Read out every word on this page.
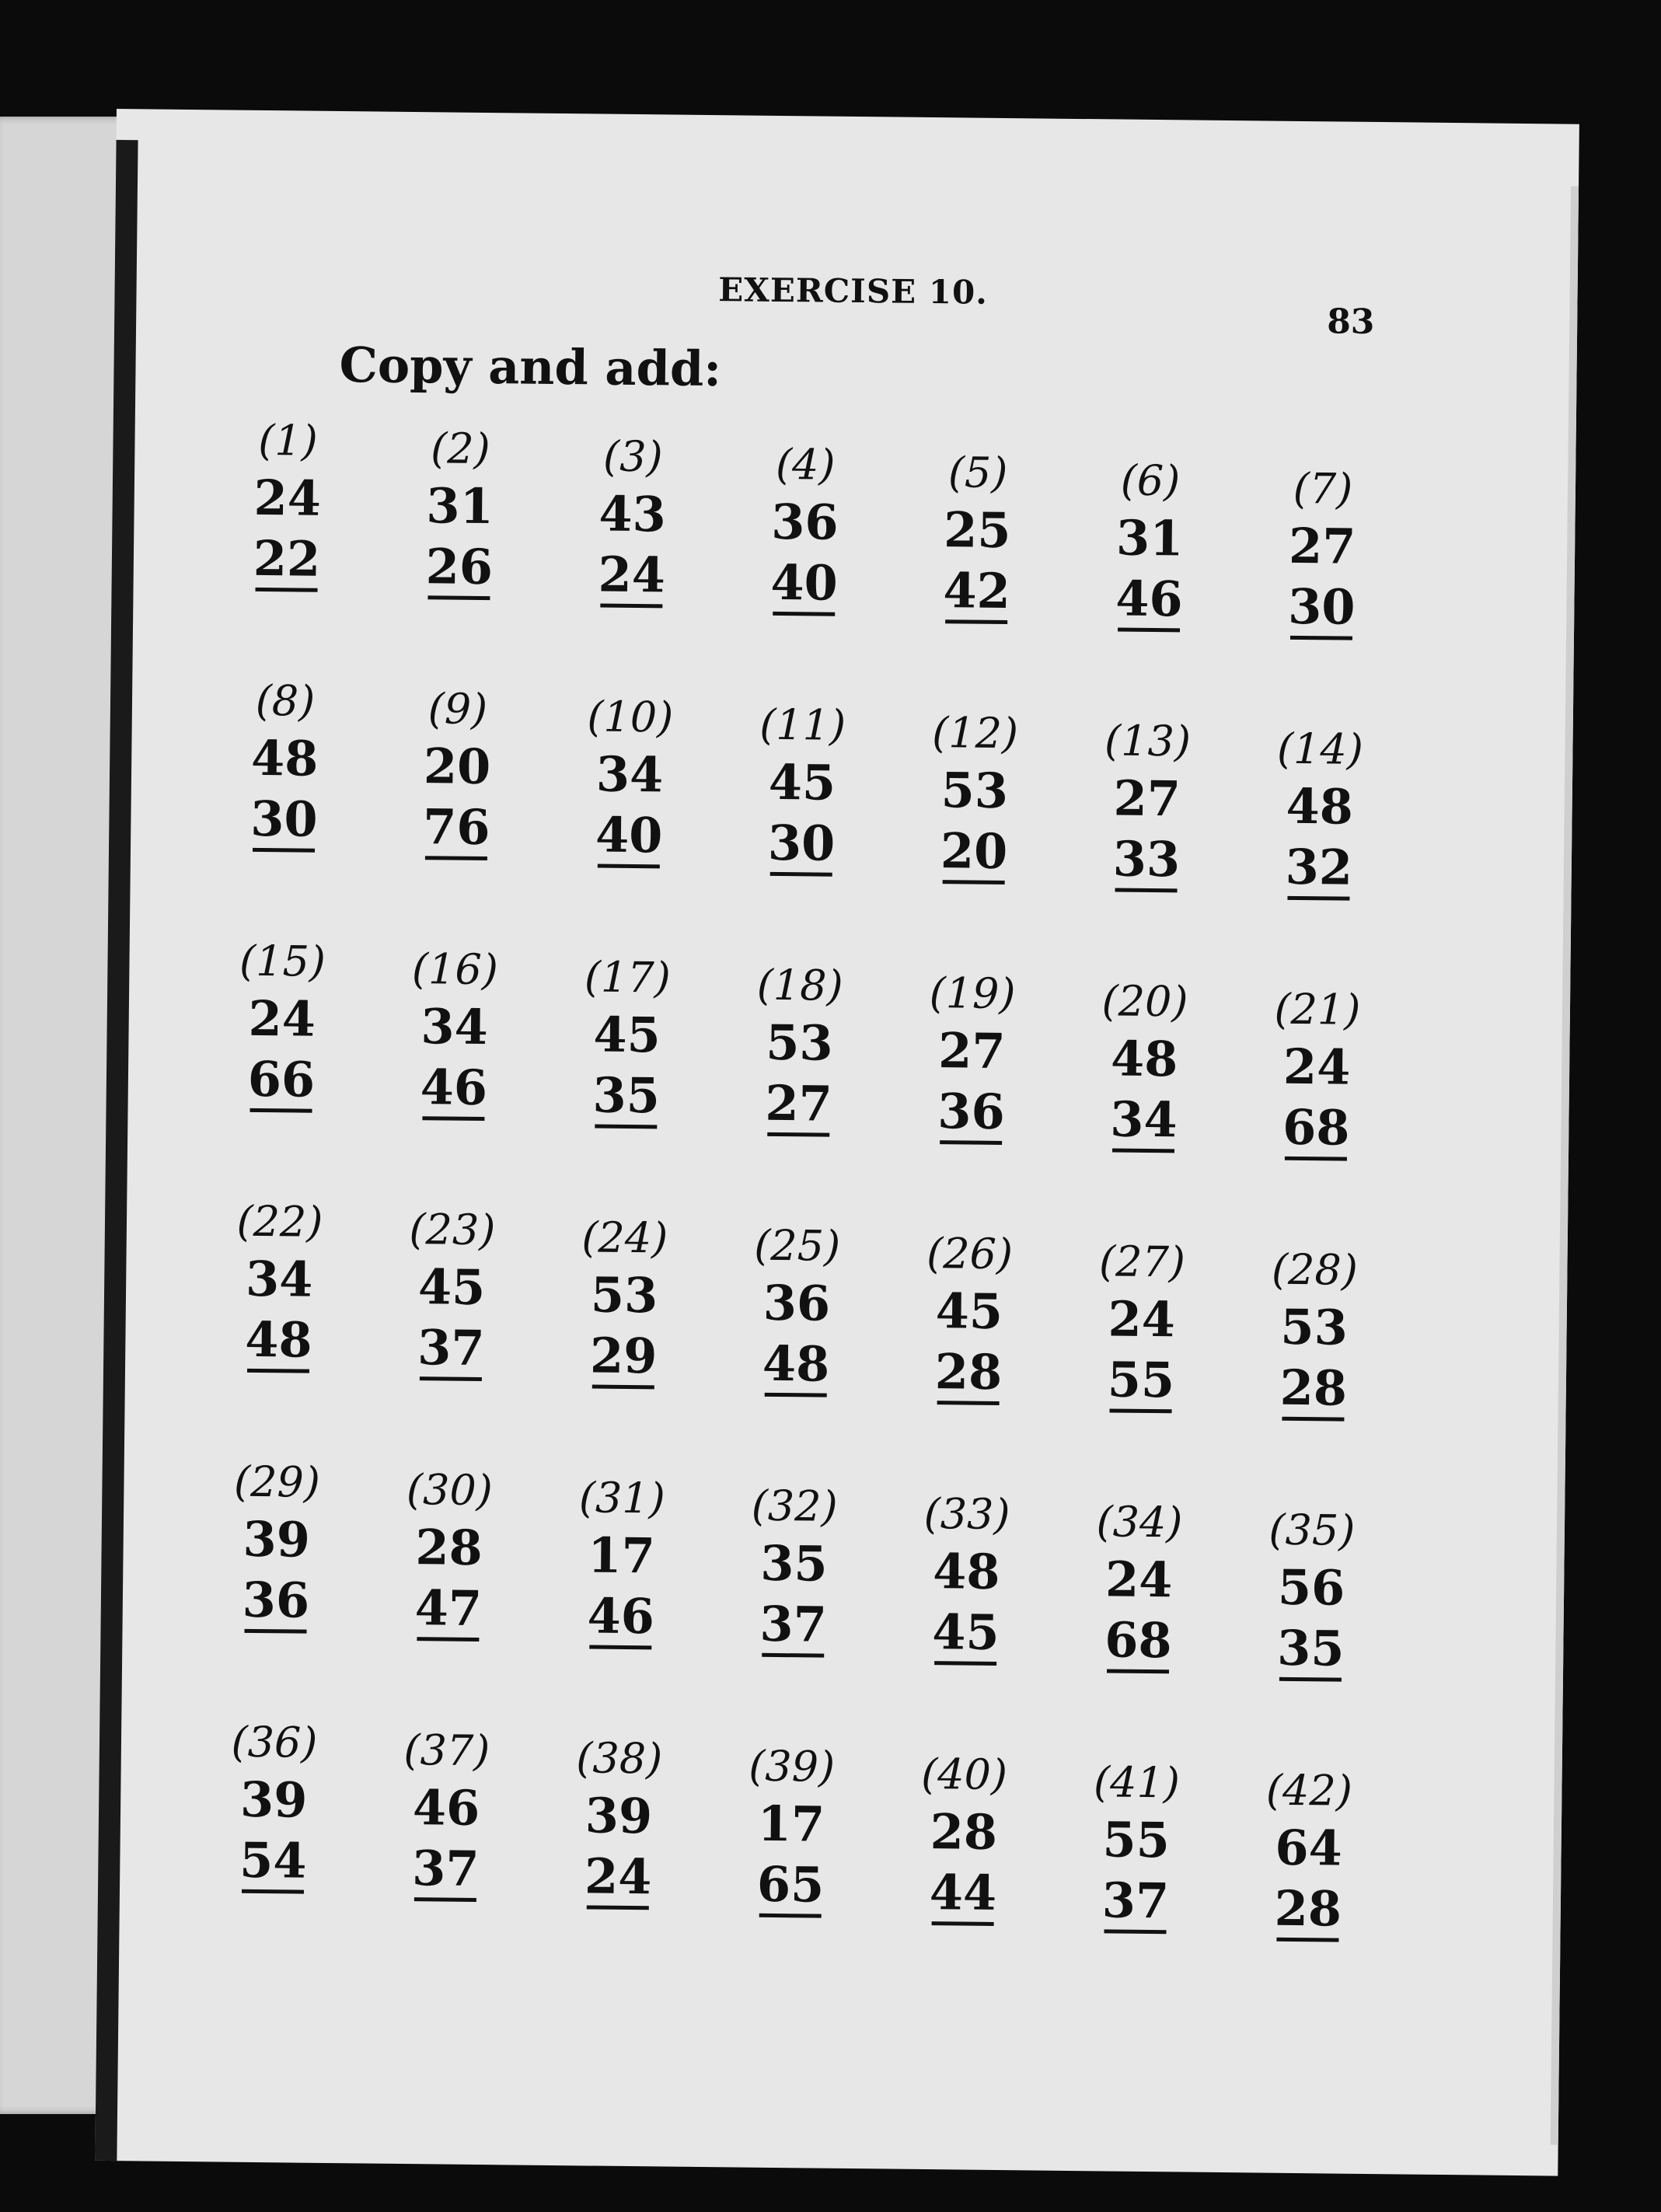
EXERCISE 10.
83
Copy and add:
(1)
24
22
(2)
31
26
(3)
43
24
(4)
36
40
(5)
25
42
(6)
31
46
(7)
27
30
(8)
48
30
(9)
20
76
(10)
34
40
(11)
45
30
(12)
53
20
(13)
27
33
(14)
48
32
(15)
24
66
(16)
34
46
(17)
45
35
(18)
53
27
(19)
27
36
(20)
48
34
(21)
24
68
(22)
34
48
(23)
45
37
(24)
53
29
(25)
36
48
(26)
45
28
(27)
24
55
(28)
53
28
(29)
39
36
(30)
28
47
(31)
17
46
(32)
35
37
(33)
48
45
(34)
24
68
(35)
56
35
(36)
39
54
(37)
46
37
(38)
39
24
(39)
17
65
(40)
28
44
(41)
55
37
(42)
64
28
